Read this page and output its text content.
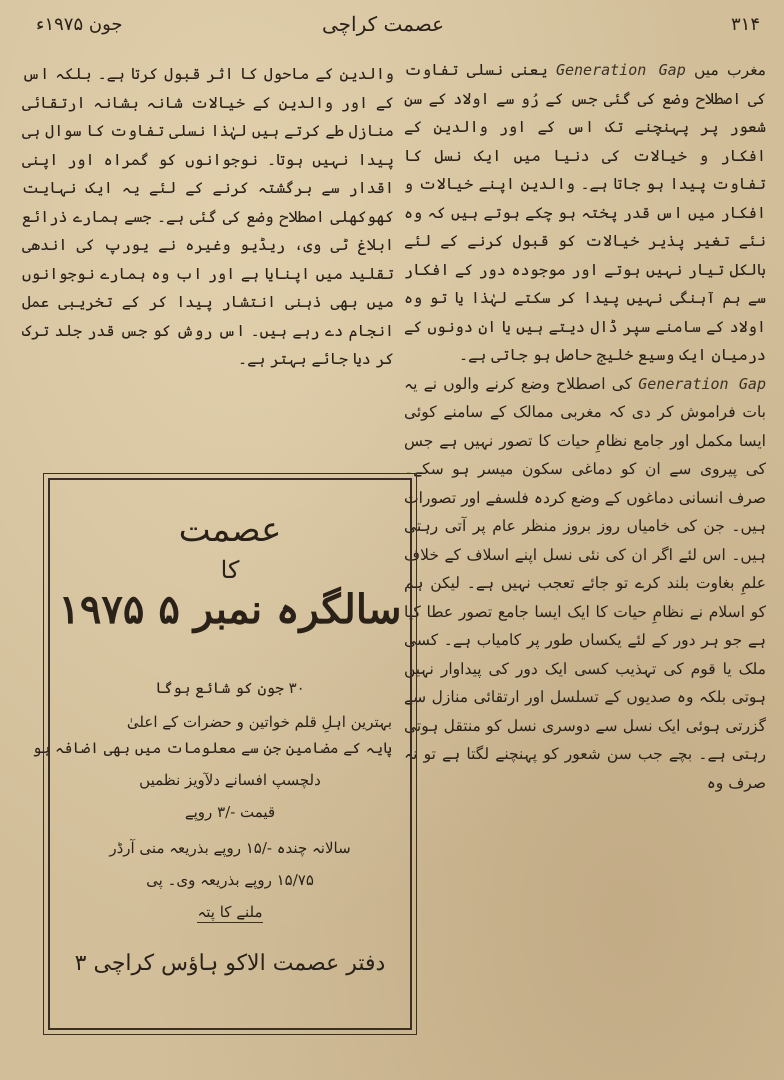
۳۱۴
عصمت کراچی
جون ۱۹۷۵ء

مغرب میں Generation Gap یعنی نسلی تفاوت کی اصطلاح وضع کی گئی جس کے رُو سے اولاد کے سن شعور پر پہنچنے تک اس کے اور والدین کے افکار و خیالات کی دنیا میں ایک نسل کا تفاوت پیدا ہو جاتا ہے۔ والدین اپنے خیالات و افکار میں اس قدر پختہ ہو چکے ہوتے ہیں کہ وہ نئے تغیر پذیر خیالات کو قبول کرنے کے لئے بالکل تیار نہیں ہوتے اور موجودہ دور کے افکار سے ہم آہنگی نہیں پیدا کر سکتے لہٰذا یا تو وہ اولاد کے سامنے سپر ڈال دیتے ہیں یا ان دونوں کے درمیان ایک وسیع خلیج حاصل ہو جاتی ہے۔

Generation Gap کی اصطلاح وضع کرنے والوں نے یہ بات فراموش کر دی کہ مغربی ممالک کے سامنے کوئی ایسا مکمل اور جامع نظامِ حیات کا تصور نہیں ہے جس کی پیروی سے ان کو دماغی سکون میسر ہو سکے۔ صرف انسانی دماغوں کے وضع کردہ فلسفے اور تصورات ہیں۔ جن کی خامیاں روز بروز منظر عام پر آتی رہتی ہیں۔ اس لئے اگر ان کی نئی نسل اپنے اسلاف کے خلاف علمِ بغاوت بلند کرے تو جائے تعجب نہیں ہے۔ لیکن ہم کو اسلام نے نظامِ حیات کا ایک ایسا جامع تصور عطا کیا ہے جو ہر دور کے لئے یکساں طور پر کامیاب ہے۔ کسی ملک یا قوم کی تہذیب کسی ایک دور کی پیداوار نہیں ہوتی بلکہ وہ صدیوں کے تسلسل اور ارتقائی منازل سے گزرتی ہوئی ایک نسل سے دوسری نسل کو منتقل ہوتی رہتی ہے۔ بچے جب سن شعور کو پہنچنے لگتا ہے تو نہ صرف وہ

والدین کے ماحول کا اثر قبول کرتا ہے۔ بلکہ اس کے اور والدین کے خیالات شانہ بشانہ ارتقائی منازل طے کرتے ہیں لہٰذا نسلی تفاوت کا سوال ہی پیدا نہیں ہوتا۔ نوجوانوں کو گمراہ اور اپنی اقدار سے برگشتہ کرنے کے لئے یہ ایک نہایت کھوکھلی اصطلاح وضع کی گئی ہے۔ جسے ہمارے ذرائع ابلاغ ٹی وی، ریڈیو وغیرہ نے یورپ کی اندھی تقلید میں اپنایا ہے اور اب وہ ہمارے نوجوانوں میں بھی ذہنی انتشار پیدا کر کے تخریبی عمل انجام دے رہے ہیں۔ اس روش کو جس قدر جلد ترک کر دیا جائے بہتر ہے۔

عصمت
کا
سالگرہ نمبر ۵ ۱۹۷۵
۳۰ جون کو شائع ہوگا
بہترین اہلِ قلم خواتین و حضرات کے اعلیٰ
پایہ کے مضامین جن سے معلومات میں بھی اضافہ ہو
دلچسپ افسانے دلآویز نظمیں
قیمت -/۳ روپے
سالانہ چندہ -/۱۵ روپے بذریعہ منی آرڈر
۱۵/۷۵ روپے بذریعہ وی۔ پی
ملنے کا پتہ
دفتر عصمت الاکو ہاؤس کراچی ۳
